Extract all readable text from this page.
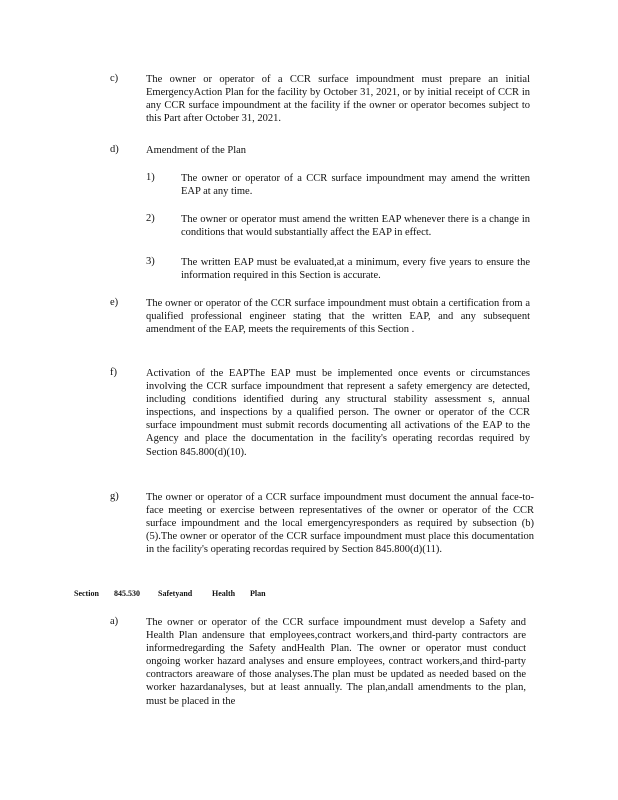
c)	The owner or operator of a CCR surface impoundment must prepare an initial EmergencyAction Plan for the facility by October 31, 2021, or by initial receipt of CCR in any CCR surface impoundment at the facility if the owner or operator becomes subject to this Part after October 31, 2021.

d)	Amendment of the Plan

1)	The owner or operator of a CCR surface impoundment may amend the written EAP at any time.

2)	The owner or operator must amend the written EAP whenever there is a change in conditions that would substantially affect the EAP in effect.

3)	The written EAP must be evaluated,at a minimum, every five years to ensure the information required in this Section is accurate.

e)	The owner or operator of the CCR surface impoundment must obtain a certification from a qualified professional engineer stating that the written EAP, and any subsequent amendment of the EAP, meets the requirements of this Section .

f)	Activation of the EAPThe EAP must be implemented once events or circumstances involving the CCR surface impoundment that represent a safety emergency are detected, including conditions identified during any structural stability assessment s, annual inspections, and inspections by a qualified person. The owner or operator of the CCR surface impoundment must submit records documenting all activations of the EAP to the Agency and place the documentation in the facility's operating recordas required by Section 845.800(d)(10).

g)	The owner or operator of a CCR surface impoundment must document the annual face-to-face meeting or exercise between representatives of the owner or operator of the CCR surface impoundment and the local emergencyresponders as required by subsection (b)(5).The owner or operator of the CCR surface impoundment must place this documentation in the facility's operating recordas required by Section 845.800(d)(11).

Section 845.530 Safetyand Health Plan
a)	The owner or operator of the CCR surface impoundment must develop a Safety and Health Plan andensure that employees,contract workers,and third-party contractors are informedregarding the Safety andHealth Plan. The owner or operator must conduct ongoing worker hazard analyses and ensure employees, contract workers,and third-party contractors areaware of those analyses.The plan must be updated as needed based on the worker hazardanalyses, but at least annually. The plan,andall amendments to the plan, must be placed in the
